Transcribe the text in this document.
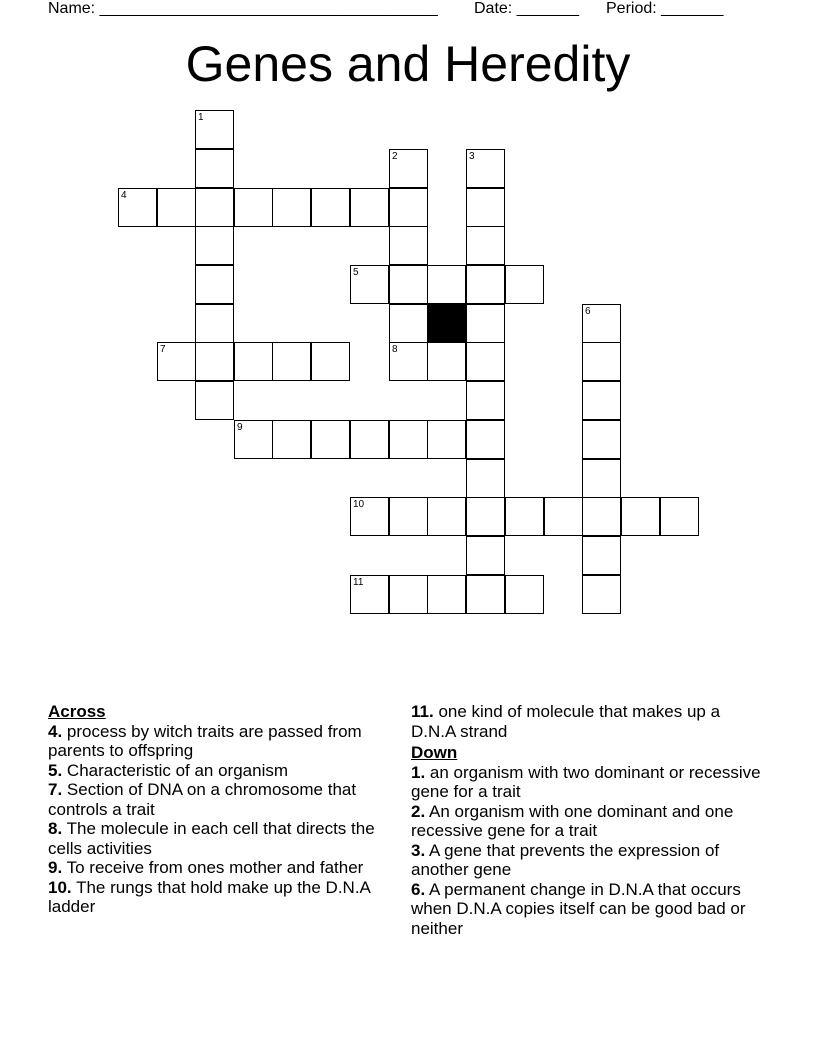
Name: ______________________________________ Date: _______ Period: _______
Genes and Heredity
1
2	3
4
5
6
7	8
9
10
11

Across

4. process by witch traits are passed from parents to offspring

5. Characteristic of an organism

7. Section of DNA on a chromosome that controls a trait

8. The molecule in each cell that directs the cells activities

9. To receive from ones mother and father

10. The rungs that hold make up the D.N.A ladder

11. one kind of molecule that makes up a D.N.A strand

Down

1. an organism with two dominant or recessive gene for a trait

2. An organism with one dominant and one recessive gene for a trait

3. A gene that prevents the expression of another gene

6. A permanent change in D.N.A that occurs when D.N.A copies itself can be good bad or neither
